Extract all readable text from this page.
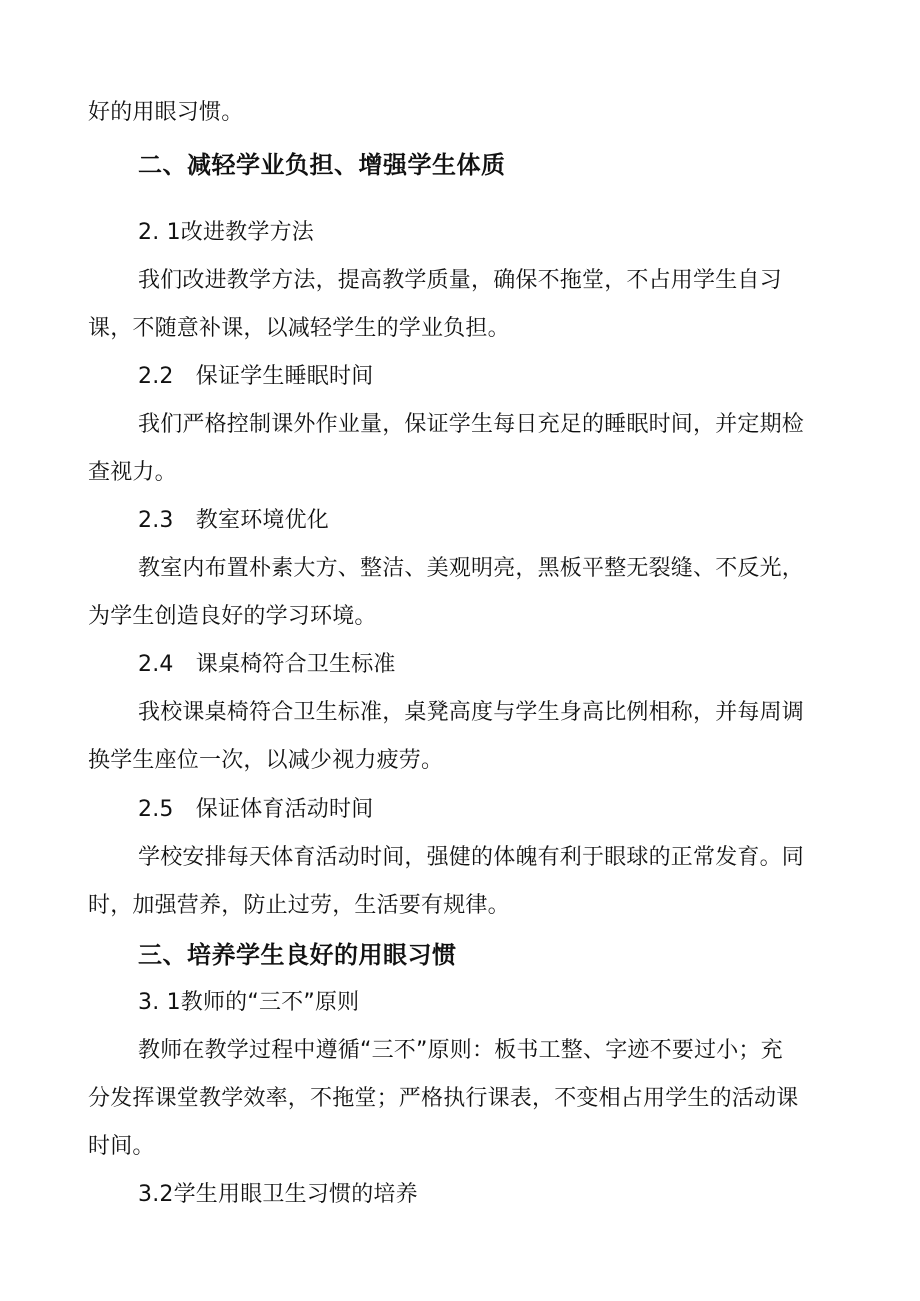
好的用眼习惯。
二、减轻学业负担、增强学生体质
2. 1改进教学方法
我们改进教学方法，提高教学质量，确保不拖堂，不占用学生自习
课，不随意补课，以减轻学生的学业负担。
2.2　保证学生睡眠时间
我们严格控制课外作业量，保证学生每日充足的睡眠时间，并定期检
查视力。
2.3　教室环境优化
教室内布置朴素大方、整洁、美观明亮，黑板平整无裂缝、不反光，
为学生创造良好的学习环境。
2.4　课桌椅符合卫生标准
我校课桌椅符合卫生标准，桌凳高度与学生身高比例相称，并每周调
换学生座位一次，以减少视力疲劳。
2.5　保证体育活动时间
学校安排每天体育活动时间，强健的体魄有利于眼球的正常发育。同
时，加强营养，防止过劳，生活要有规律。
三、培养学生良好的用眼习惯
3. 1教师的“三不”原则
教师在教学过程中遵循“三不”原则：板书工整、字迹不要过小；充
分发挥课堂教学效率，不拖堂；严格执行课表，不变相占用学生的活动课
时间。
3.2学生用眼卫生习惯的培养
